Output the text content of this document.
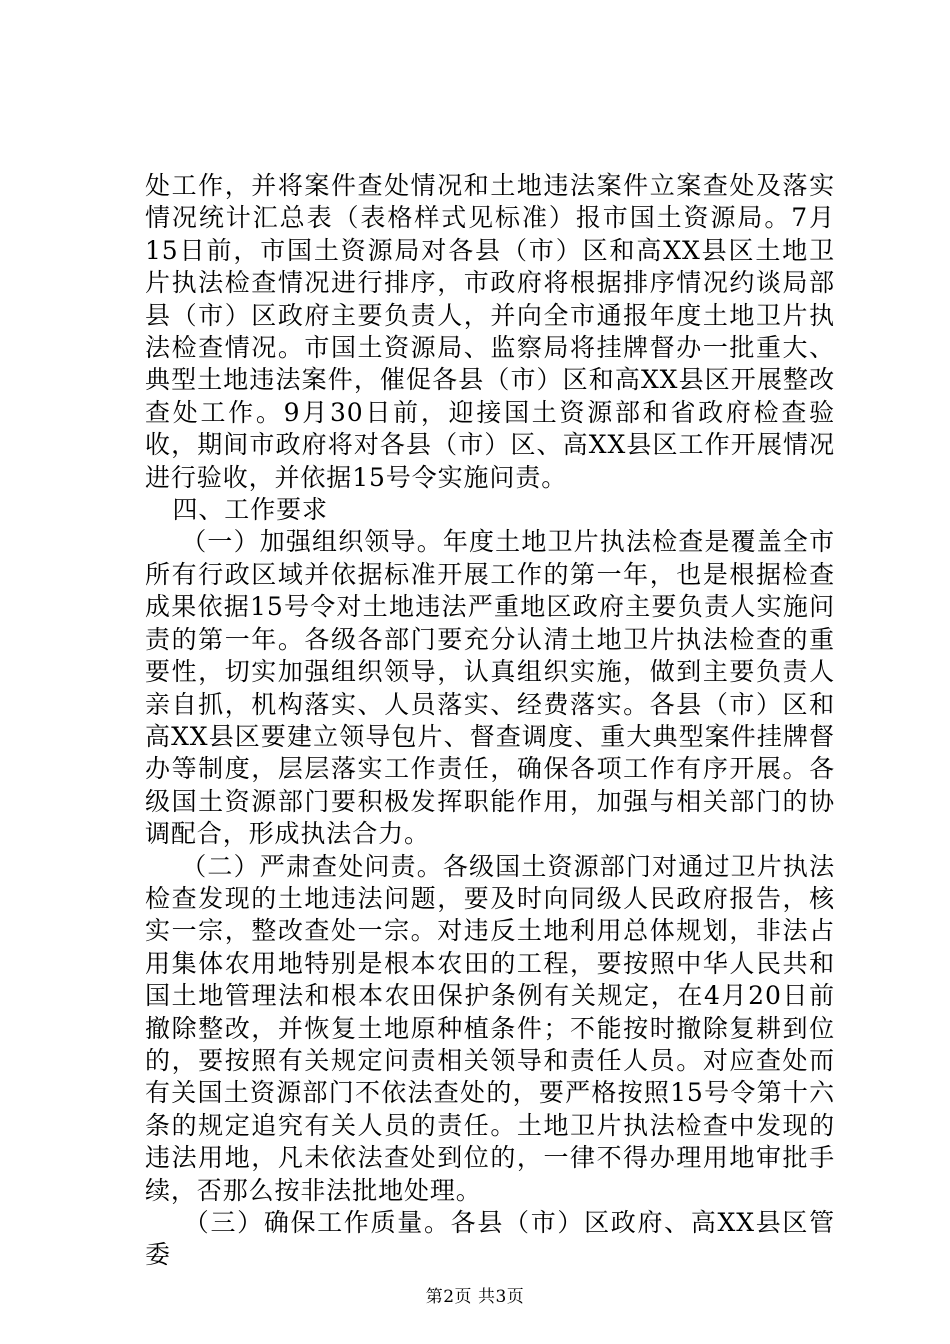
处工作，并将案件查处情况和土地违法案件立案查处及落实情况统计汇总表（表格样式见标准）报市国土资源局。7月15日前，市国土资源局对各县（市）区和高XX县区土地卫片执法检查情况进行排序，市政府将根据排序情况约谈局部县（市）区政府主要负责人，并向全市通报年度土地卫片执法检查情况。市国土资源局、监察局将挂牌督办一批重大、典型土地违法案件，催促各县（市）区和高XX县区开展整改查处工作。9月30日前，迎接国土资源部和省政府检查验收，期间市政府将对各县（市）区、高XX县区工作开展情况进行验收，并依据15号令实施问责。

四、工作要求

（一）加强组织领导。年度土地卫片执法检查是覆盖全市所有行政区域并依据标准开展工作的第一年，也是根据检查成果依据15号令对土地违法严重地区政府主要负责人实施问责的第一年。各级各部门要充分认清土地卫片执法检查的重要性，切实加强组织领导，认真组织实施，做到主要负责人亲自抓，机构落实、人员落实、经费落实。各县（市）区和高XX县区要建立领导包片、督查调度、重大典型案件挂牌督办等制度，层层落实工作责任，确保各项工作有序开展。各级国土资源部门要积极发挥职能作用，加强与相关部门的协调配合，形成执法合力。

（二）严肃查处问责。各级国土资源部门对通过卫片执法检查发现的土地违法问题，要及时向同级人民政府报告，核实一宗，整改查处一宗。对违反土地利用总体规划，非法占用集体农用地特别是根本农田的工程，要按照中华人民共和国土地管理法和根本农田保护条例有关规定，在4月20日前撤除整改，并恢复土地原种植条件；不能按时撤除复耕到位的，要按照有关规定问责相关领导和责任人员。对应查处而有关国土资源部门不依法查处的，要严格按照15号令第十六条的规定追究有关人员的责任。土地卫片执法检查中发现的违法用地，凡未依法查处到位的，一律不得办理用地审批手续，否那么按非法批地处理。

（三）确保工作质量。各县（市）区政府、高XX县区管委

第2页 共3页
